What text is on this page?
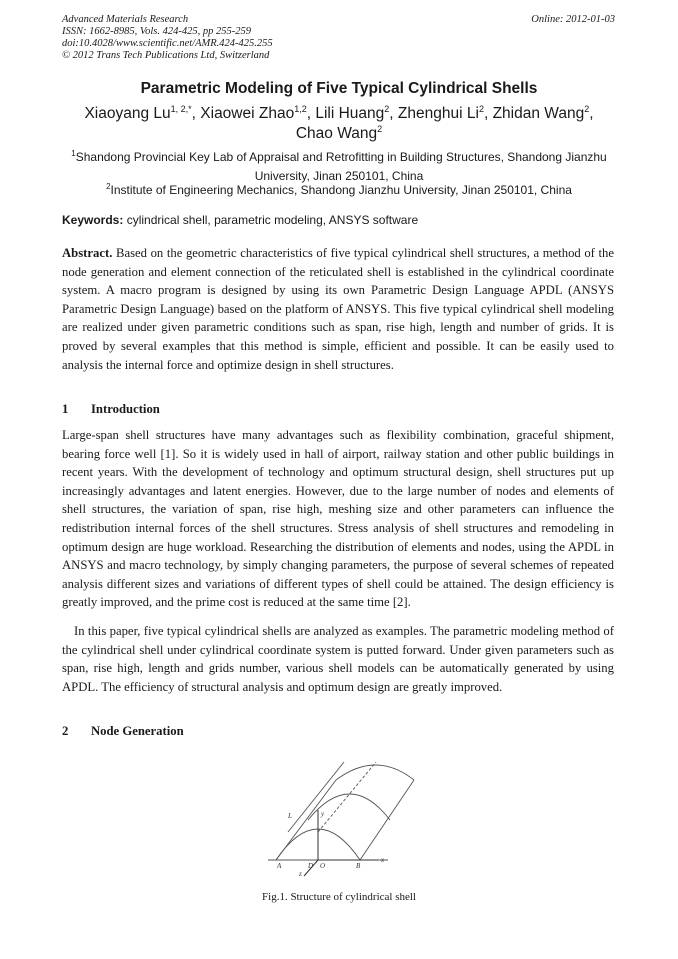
Advanced Materials Research
ISSN: 1662-8985, Vols. 424-425, pp 255-259
doi:10.4028/www.scientific.net/AMR.424-425.255
© 2012 Trans Tech Publications Ltd, Switzerland
Online: 2012-01-03
Parametric Modeling of Five Typical Cylindrical Shells
Xiaoyang $Lu^{1, 2,*}$, Xiaowei Zhao$^{1,2}$, Lili Huang$^2$, Zhenghui Li$^2$, Zhidan Wang$^2$,
Chao Wang$^2$
$^1$Shandong Provincial Key Lab of Appraisal and Retrofitting in Building Structures, Shandong Jianzhu University, Jinan 250101, China
$^2$Institute of Engineering Mechanics, Shandong Jianzhu University, Jinan 250101, China
Keywords: cylindrical shell, parametric modeling, ANSYS software
Abstract. Based on the geometric characteristics of five typical cylindrical shell structures, a method of the node generation and element connection of the reticulated shell is established in the cylindrical coordinate system. A macro program is designed by using its own Parametric Design Language APDL (ANSYS Parametric Design Language) based on the platform of ANSYS. This five typical cylindrical shell modeling are realized under given parametric conditions such as span, rise high, length and number of grids. It is proved by several examples that this method is simple, efficient and possible. It can be easily used to analysis the internal force and optimize design in shell structures.
1 Introduction
Large-span shell structures have many advantages such as flexibility combination, graceful shipment, bearing force well [1]. So it is widely used in hall of airport, railway station and other public buildings in recent years. With the development of technology and optimum structural design, shell structures put up increasingly advantages and latent energies. However, due to the large number of nodes and elements of shell structures, the variation of span, rise high, meshing size and other parameters can influence the redistribution internal forces of the shell structures. Stress analysis of shell structures and remodeling in optimum design are huge workload. Researching the distribution of elements and nodes, using the APDL in ANSYS and macro technology, by simply changing parameters, the purpose of several schemes of repeated analysis different sizes and variations of different types of shell could be attained. The design efficiency is greatly improved, and the prime cost is reduced at the same time [2].
In this paper, five typical cylindrical shells are analyzed as examples. The parametric modeling method of the cylindrical shell under cylindrical coordinate system is putted forward. Under given parameters such as span, rise high, length and grids number, various shell models can be automatically generated by using APDL. The efficiency of structural analysis and optimum design are greatly improved.
2 Node Generation
L	y
x
z
A	B
D O
Fig.1. Structure of cylindrical shell
